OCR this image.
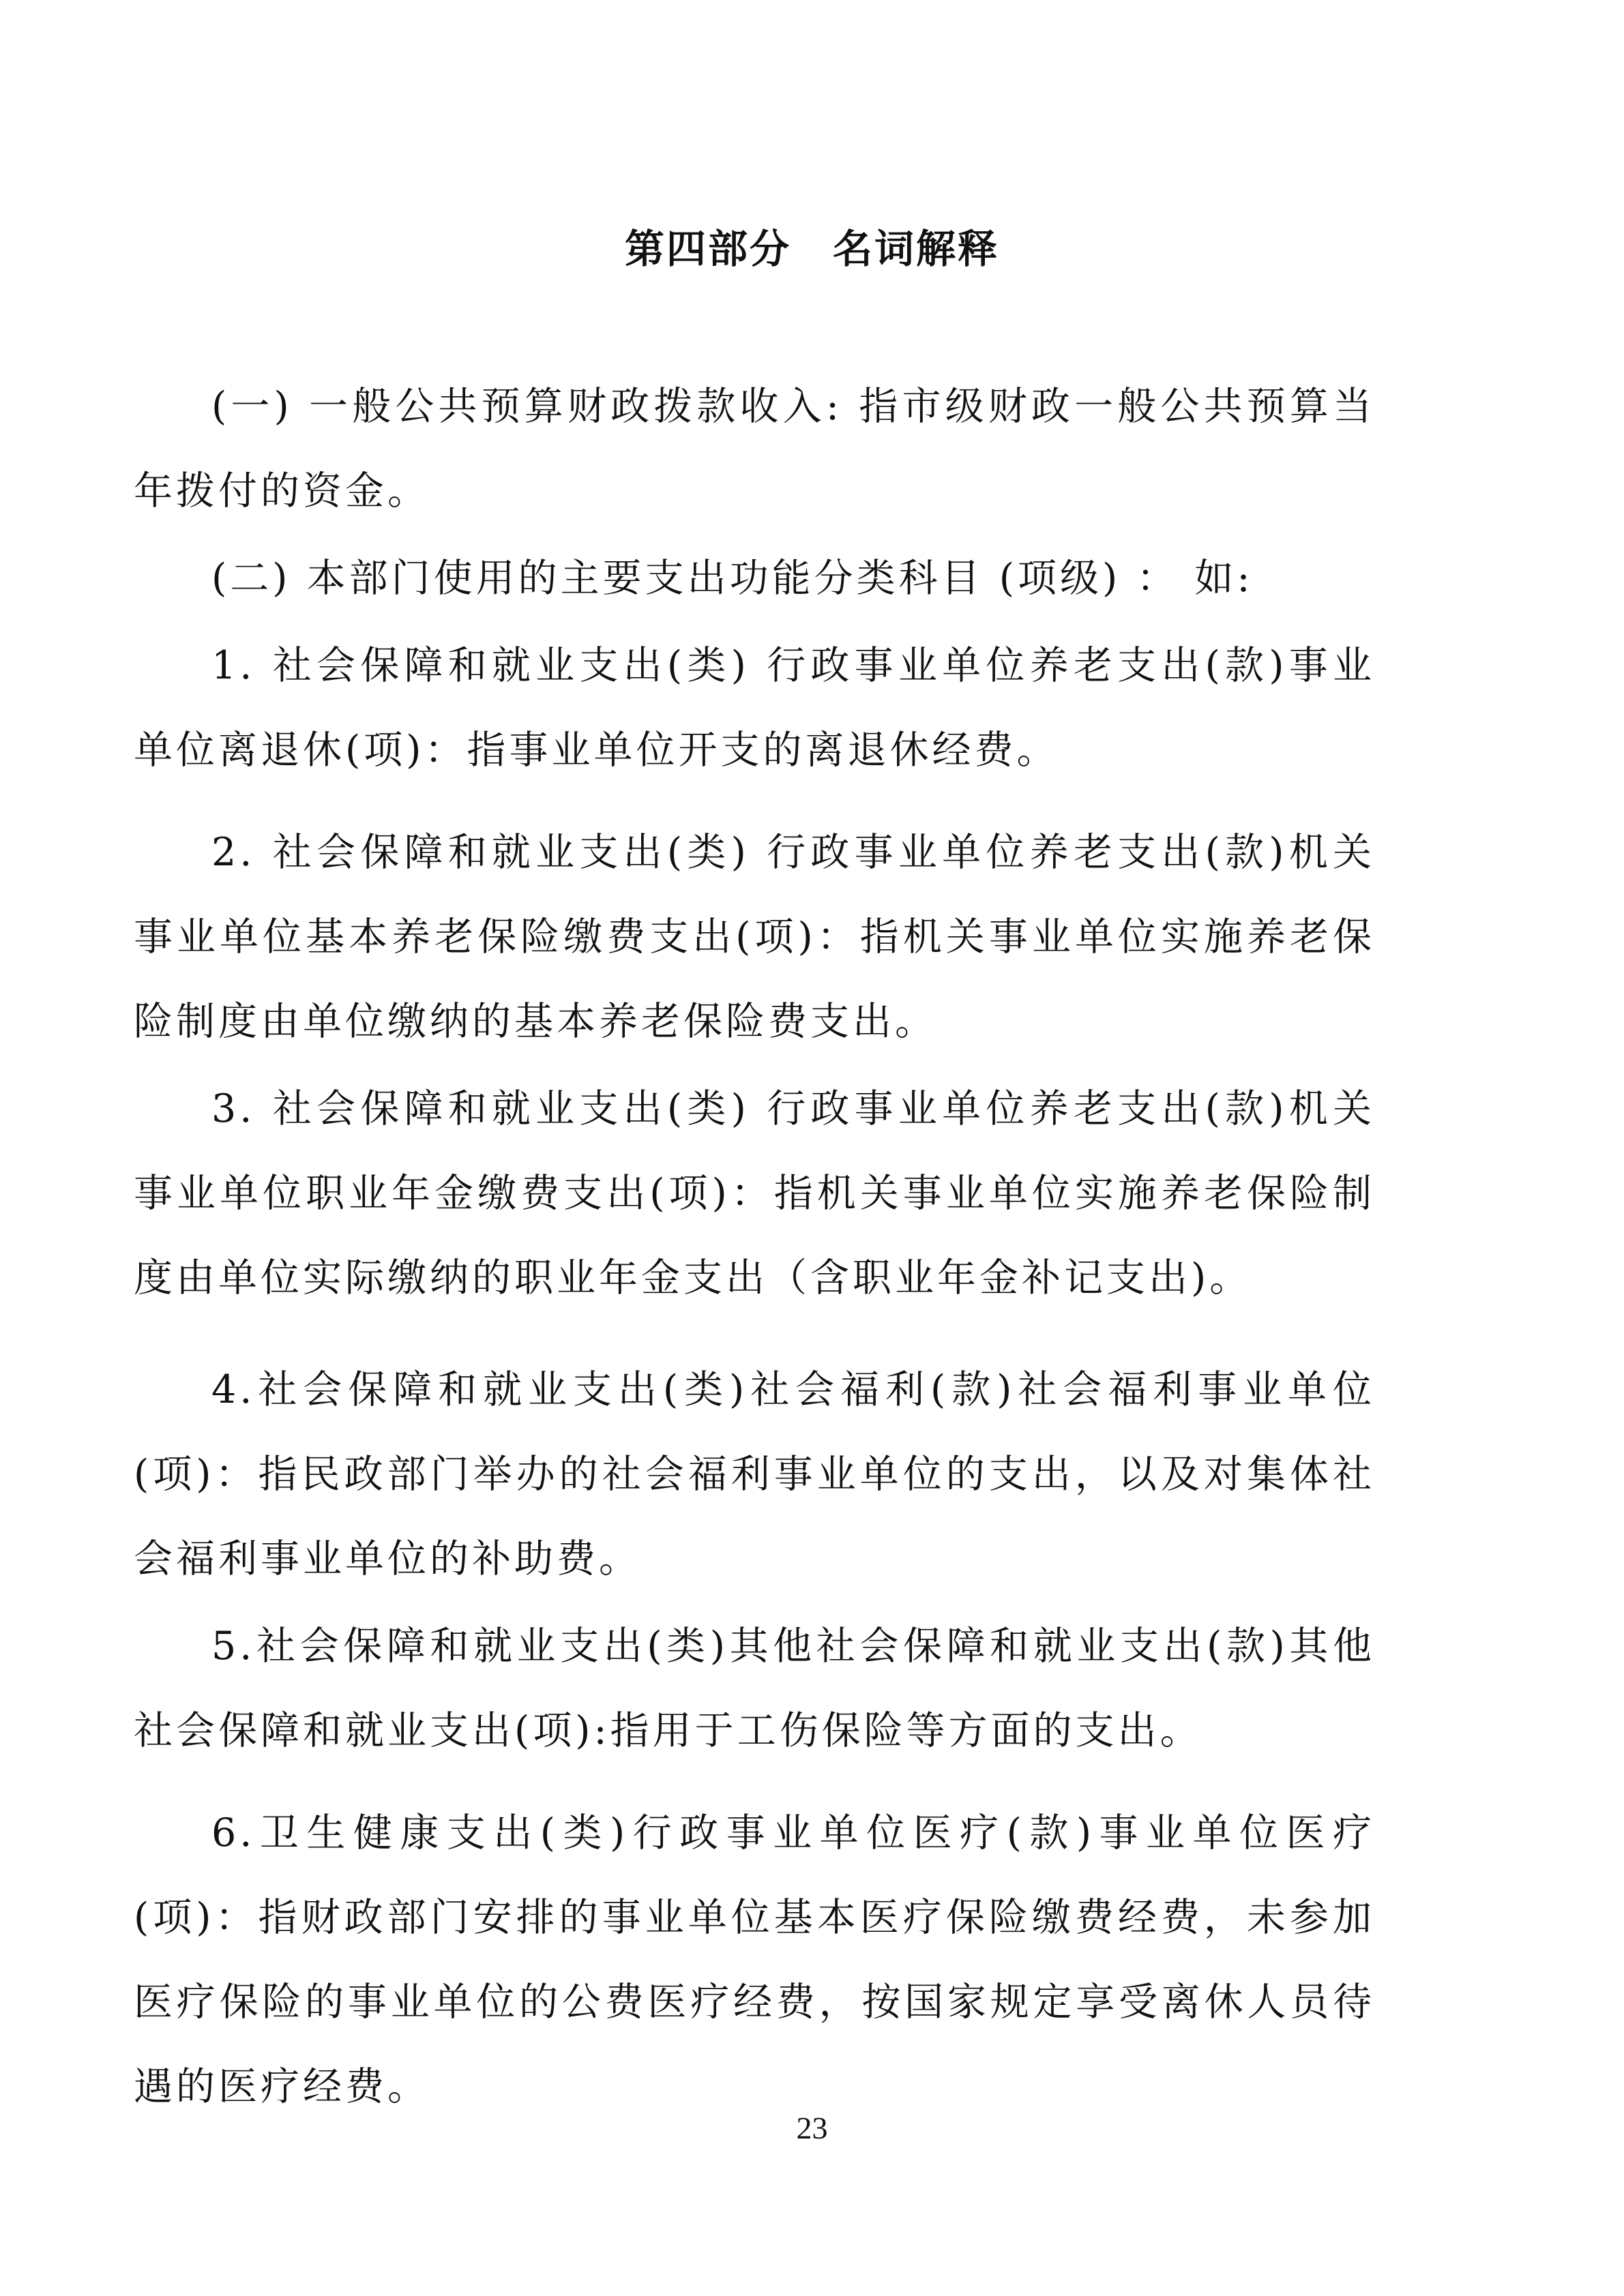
第四部分　名词解释

(一) 一般公共预算财政拨款收入: 指市级财政一般公共预算当年拨付的资金。

(二) 本部门使用的主要支出功能分类科目 (项级) ： 如:

1. 社会保障和就业支出(类) 行政事业单位养老支出(款)事业单位离退休(项)：指事业单位开支的离退休经费。

2. 社会保障和就业支出(类) 行政事业单位养老支出(款)机关事业单位基本养老保险缴费支出(项)：指机关事业单位实施养老保险制度由单位缴纳的基本养老保险费支出。

3. 社会保障和就业支出(类) 行政事业单位养老支出(款)机关事业单位职业年金缴费支出(项)：指机关事业单位实施养老保险制度由单位实际缴纳的职业年金支出（含职业年金补记支出)。

4.社会保障和就业支出(类)社会福利(款)社会福利事业单位(项)：指民政部门举办的社会福利事业单位的支出，以及对集体社会福利事业单位的补助费。

5.社会保障和就业支出(类)其他社会保障和就业支出(款)其他社会保障和就业支出(项):指用于工伤保险等方面的支出。

6.卫生健康支出(类)行政事业单位医疗(款)事业单位医疗(项)：指财政部门安排的事业单位基本医疗保险缴费经费，未参加医疗保险的事业单位的公费医疗经费，按国家规定享受离休人员待遇的医疗经费。

23
